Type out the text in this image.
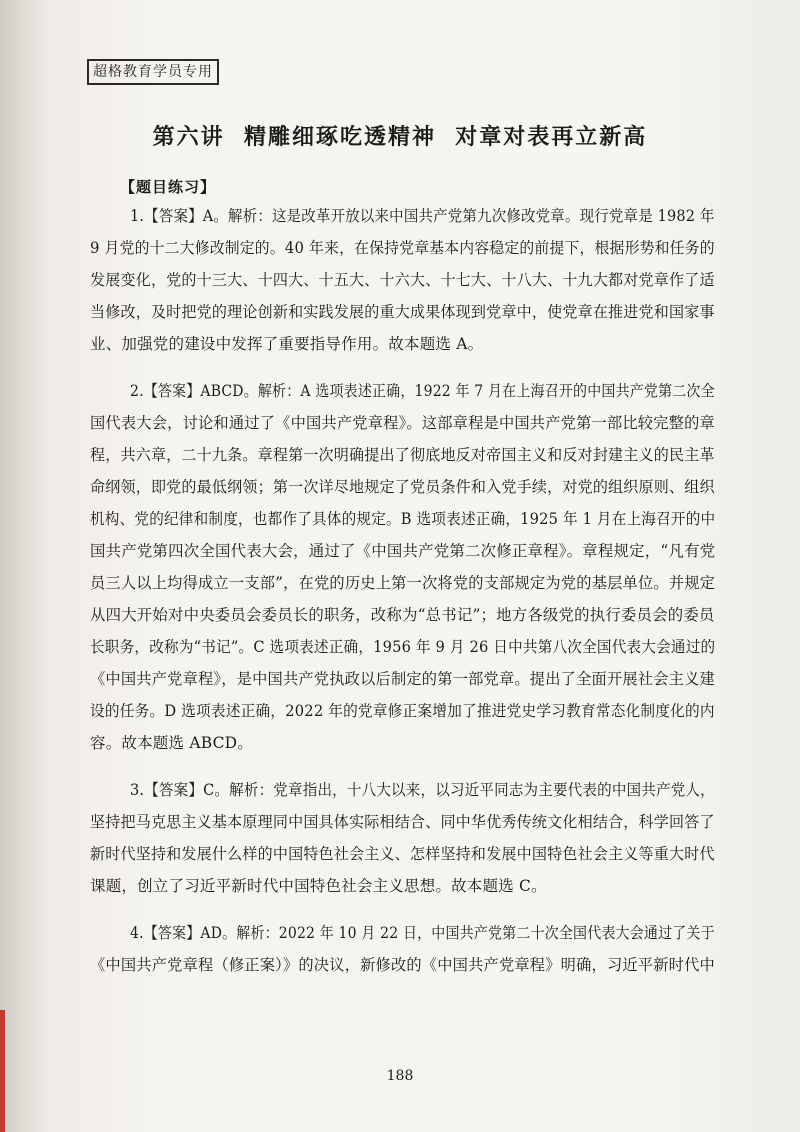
超格教育学员专用
第六讲  精雕细琢吃透精神  对章对表再立新高
【题目练习】
1.【答案】A。解析：这是改革开放以来中国共产党第九次修改党章。现行党章是 1982 年
9 月党的十二大修改制定的。40 年来，在保持党章基本内容稳定的前提下，根据形势和任务的
发展变化，党的十三大、十四大、十五大、十六大、十七大、十八大、十九大都对党章作了适
当修改，及时把党的理论创新和实践发展的重大成果体现到党章中，使党章在推进党和国家事
业、加强党的建设中发挥了重要指导作用。故本题选 A。
2.【答案】ABCD。解析：A 选项表述正确，1922 年 7 月在上海召开的中国共产党第二次全
国代表大会，讨论和通过了《中国共产党章程》。这部章程是中国共产党第一部比较完整的章
程，共六章，二十九条。章程第一次明确提出了彻底地反对帝国主义和反对封建主义的民主革
命纲领，即党的最低纲领；第一次详尽地规定了党员条件和入党手续，对党的组织原则、组织
机构、党的纪律和制度，也都作了具体的规定。B 选项表述正确，1925 年 1 月在上海召开的中
国共产党第四次全国代表大会，通过了《中国共产党第二次修正章程》。章程规定，“凡有党
员三人以上均得成立一支部”，在党的历史上第一次将党的支部规定为党的基层单位。并规定
从四大开始对中央委员会委员长的职务，改称为“总书记”；地方各级党的执行委员会的委员
长职务，改称为“书记”。C 选项表述正确，1956 年 9 月 26 日中共第八次全国代表大会通过的
《中国共产党章程》，是中国共产党执政以后制定的第一部党章。提出了全面开展社会主义建
设的任务。D 选项表述正确，2022 年的党章修正案增加了推进党史学习教育常态化制度化的内
容。故本题选 ABCD。
3.【答案】C。解析：党章指出，十八大以来，以习近平同志为主要代表的中国共产党人，
坚持把马克思主义基本原理同中国具体实际相结合、同中华优秀传统文化相结合，科学回答了
新时代坚持和发展什么样的中国特色社会主义、怎样坚持和发展中国特色社会主义等重大时代
课题，创立了习近平新时代中国特色社会主义思想。故本题选 C。
4.【答案】AD。解析：2022 年 10 月 22 日，中国共产党第二十次全国代表大会通过了关于
《中国共产党章程（修正案）》的决议，新修改的《中国共产党章程》明确，习近平新时代中
188
